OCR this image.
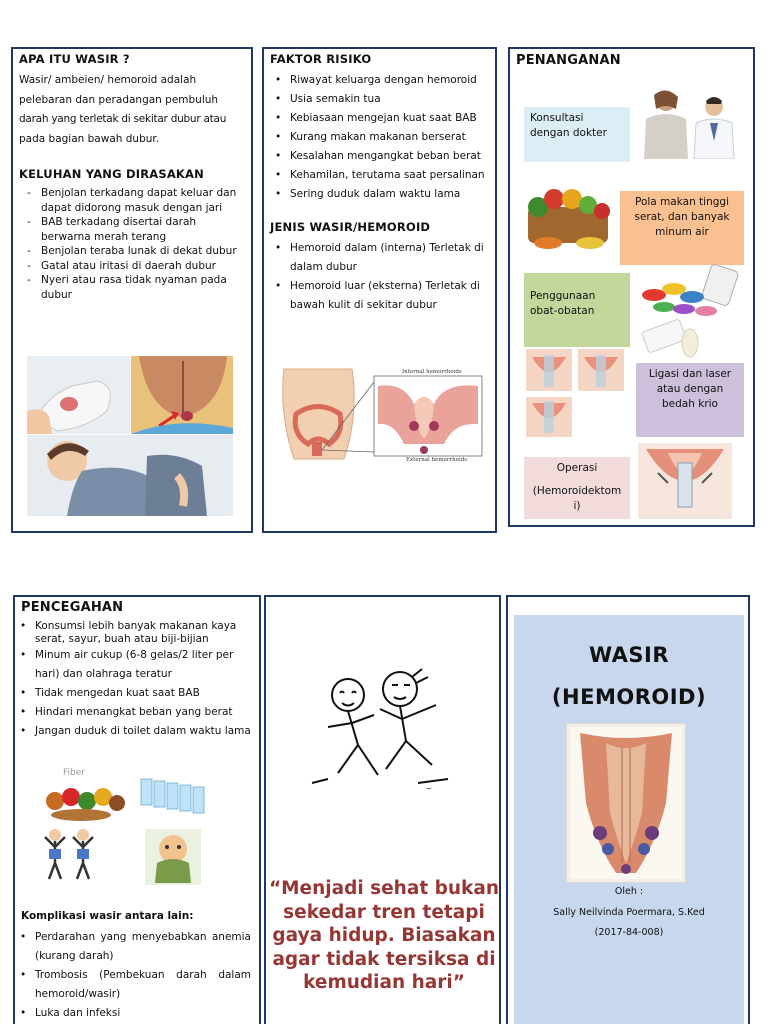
APA ITU WASIR ?
Wasir/ ambeien/ hemoroid adalah
pelebaran dan peradangan pembuluh
darah yang terletak di sekitar dubur atau
pada bagian bawah dubur.
KELUHAN YANG DIRASAKAN
- Benjolan terkadang dapat keluar dan dapat didorong masuk dengan jari
- BAB terkadang disertai darah berwarna merah terang
- Benjolan teraba lunak di dekat dubur
- Gatal atau iritasi di daerah dubur
- Nyeri atau rasa tidak nyaman pada dubur
FAKTOR RISIKO
• Riwayat keluarga dengan hemoroid
• Usia semakin tua
• Kebiasaan mengejan kuat saat BAB
• Kurang makan makanan berserat
• Kesalahan mengangkat beban berat
• Kehamilan, terutama saat persalinan
• Sering duduk dalam waktu lama
JENIS WASIR/HEMOROID
• Hemoroid dalam (interna) Terletak di dalam dubur
• Hemoroid luar (eksterna) Terletak di bawah kulit di sekitar dubur
Internal hemorrhoids
External hemorrhoids
PENANGANAN
Konsultasi dengan dokter
Pola makan tinggi serat, dan banyak minum air
Penggunaan obat-obatan
Ligasi dan laser atau dengan bedah krio
Operasi
(Hemoroidektom i)
PENCEGAHAN
• Konsumsi lebih banyak makanan kaya serat, sayur, buah atau biji-bijian
• Minum air cukup (6-8 gelas/2 liter per hari) dan olahraga teratur
• Tidak mengedan kuat saat BAB
• Hindari menangkat beban yang berat
• Jangan duduk di toilet dalam waktu lama
Fiber
Komplikasi wasir antara lain:
• Perdarahan yang menyebabkan anemia (kurang darah)
• Trombosis (Pembekuan darah dalam hemoroid/wasir)
• Luka dan infeksi
~
“Menjadi sehat bukan sekedar tren tetapi gaya hidup. Biasakan agar tidak tersiksa di kemudian hari”
WASIR
(HEMOROID)
Oleh :
Sally Neilvinda Poermara, S.Ked
(2017-84-008)
